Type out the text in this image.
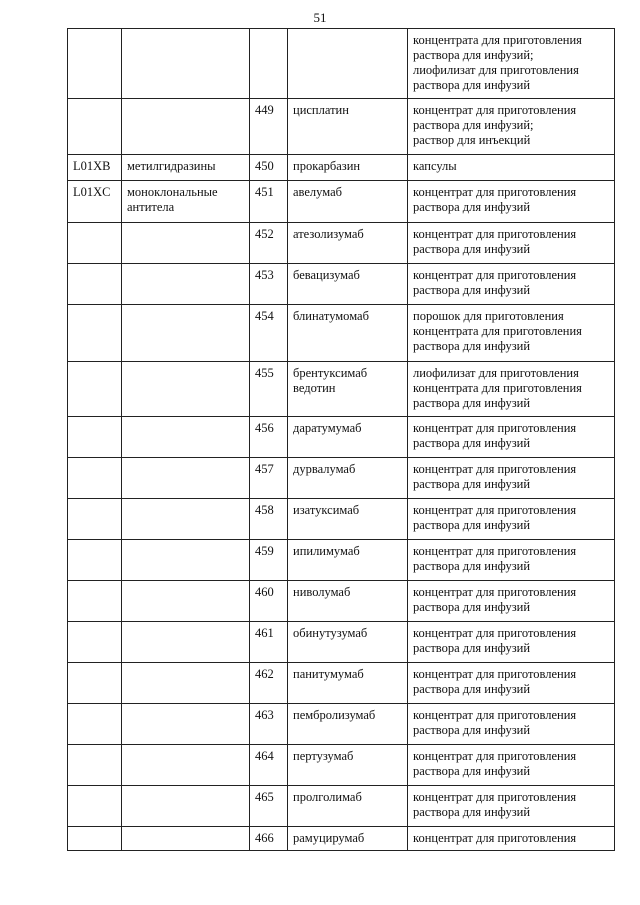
51

				концентрата для приготовления
раствора для инфузий;
лиофилизат для приготовления
раствора для инфузий

		449	цисплатин	концентрат для приготовления
раствора для инфузий;
раствор для инъекций

L01XB	метилгидразины	450	прокарбазин	капсулы

L01XC	моноклональные антитела	451	авелумаб	концентрат для приготовления
раствора для инфузий

		452	атезолизумаб	концентрат для приготовления
раствора для инфузий

		453	бевацизумаб	концентрат для приготовления
раствора для инфузий

		454	блинатумомаб	порошок для приготовления
концентрата для приготовления
раствора для инфузий

		455	брентуксимаб ведотин	лиофилизат для приготовления
концентрата для приготовления
раствора для инфузий

		456	даратумумаб	концентрат для приготовления
раствора для инфузий

		457	дурвалумаб	концентрат для приготовления
раствора для инфузий

		458	изатуксимаб	концентрат для приготовления
раствора для инфузий

		459	ипилимумаб	концентрат для приготовления
раствора для инфузий

		460	ниволумаб	концентрат для приготовления
раствора для инфузий

		461	обинутузумаб	концентрат для приготовления
раствора для инфузий

		462	панитумумаб	концентрат для приготовления
раствора для инфузий

		463	пембролизумаб	концентрат для приготовления
раствора для инфузий

		464	пертузумаб	концентрат для приготовления
раствора для инфузий

		465	пролголимаб	концентрат для приготовления
раствора для инфузий

		466	рамуцирумаб	концентрат для приготовления
